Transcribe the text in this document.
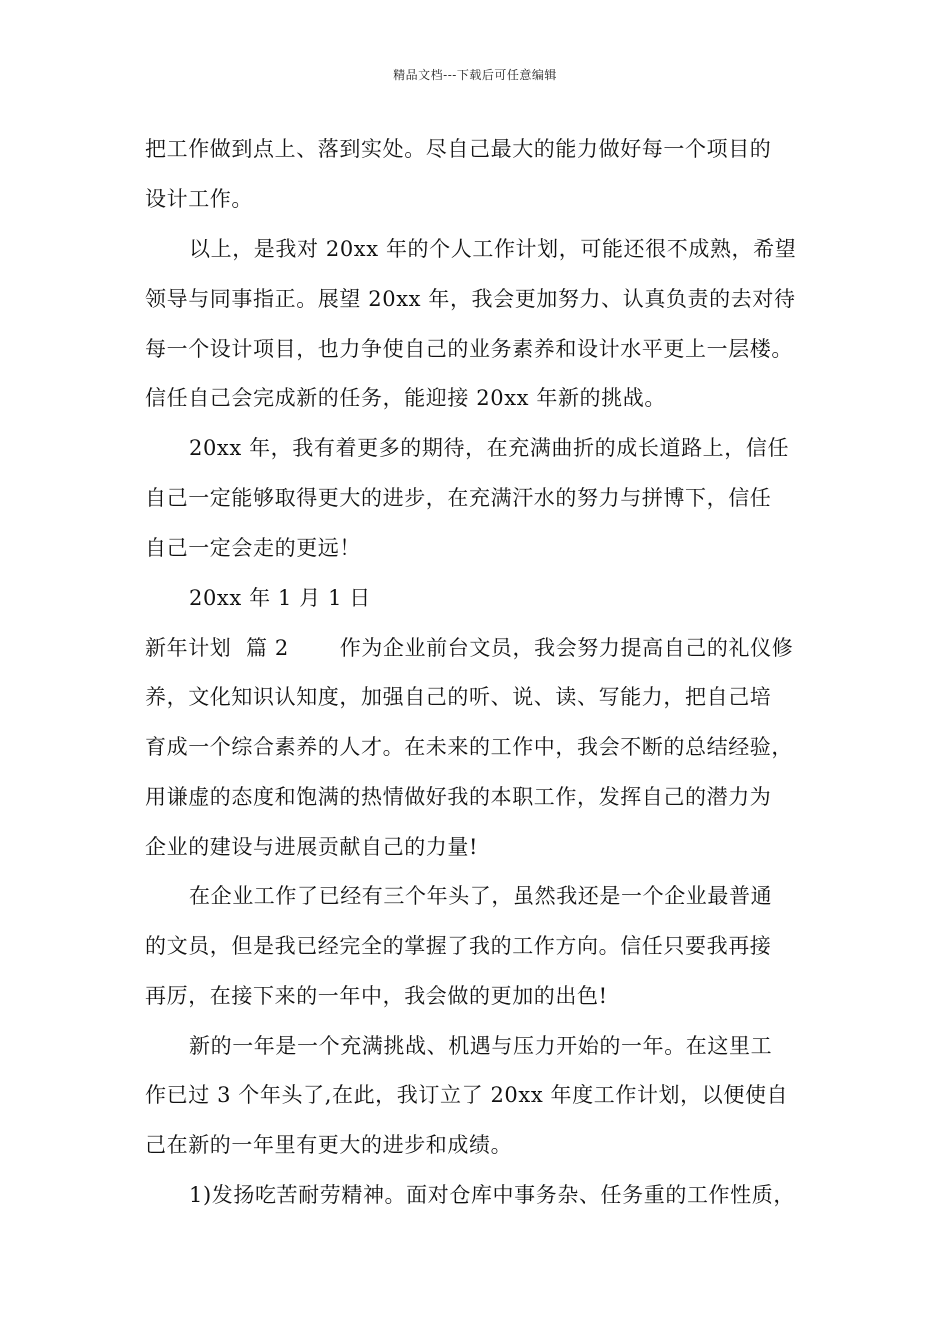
精品文档---下载后可任意编辑
把工作做到点上、落到实处。尽自己最大的能力做好每一个项目的
设计工作。
以上，是我对 20xx 年的个人工作计划，可能还很不成熟，希望
领导与同事指正。展望 20xx 年，我会更加努力、认真负责的去对待
每一个设计项目，也力争使自己的业务素养和设计水平更上一层楼。
信任自己会完成新的任务，能迎接 20xx 年新的挑战。
20xx 年，我有着更多的期待，在充满曲折的成长道路上，信任
自己一定能够取得更大的进步，在充满汗水的努力与拼博下，信任
自己一定会走的更远！
20xx 年 1 月 1 日
新年计划  篇 2       作为企业前台文员，我会努力提高自己的礼仪修
养，文化知识认知度，加强自己的听、说、读、写能力，把自己培
育成一个综合素养的人才。在未来的工作中，我会不断的总结经验，
用谦虚的态度和饱满的热情做好我的本职工作，发挥自己的潜力为
企业的建设与进展贡献自己的力量!
在企业工作了已经有三个年头了，虽然我还是一个企业最普通
的文员，但是我已经完全的掌握了我的工作方向。信任只要我再接
再厉，在接下来的一年中，我会做的更加的出色!
新的一年是一个充满挑战、机遇与压力开始的一年。在这里工
作已过 3 个年头了,在此，我订立了 20xx 年度工作计划，以便使自
己在新的一年里有更大的进步和成绩。
1)发扬吃苦耐劳精神。面对仓库中事务杂、任务重的工作性质，
